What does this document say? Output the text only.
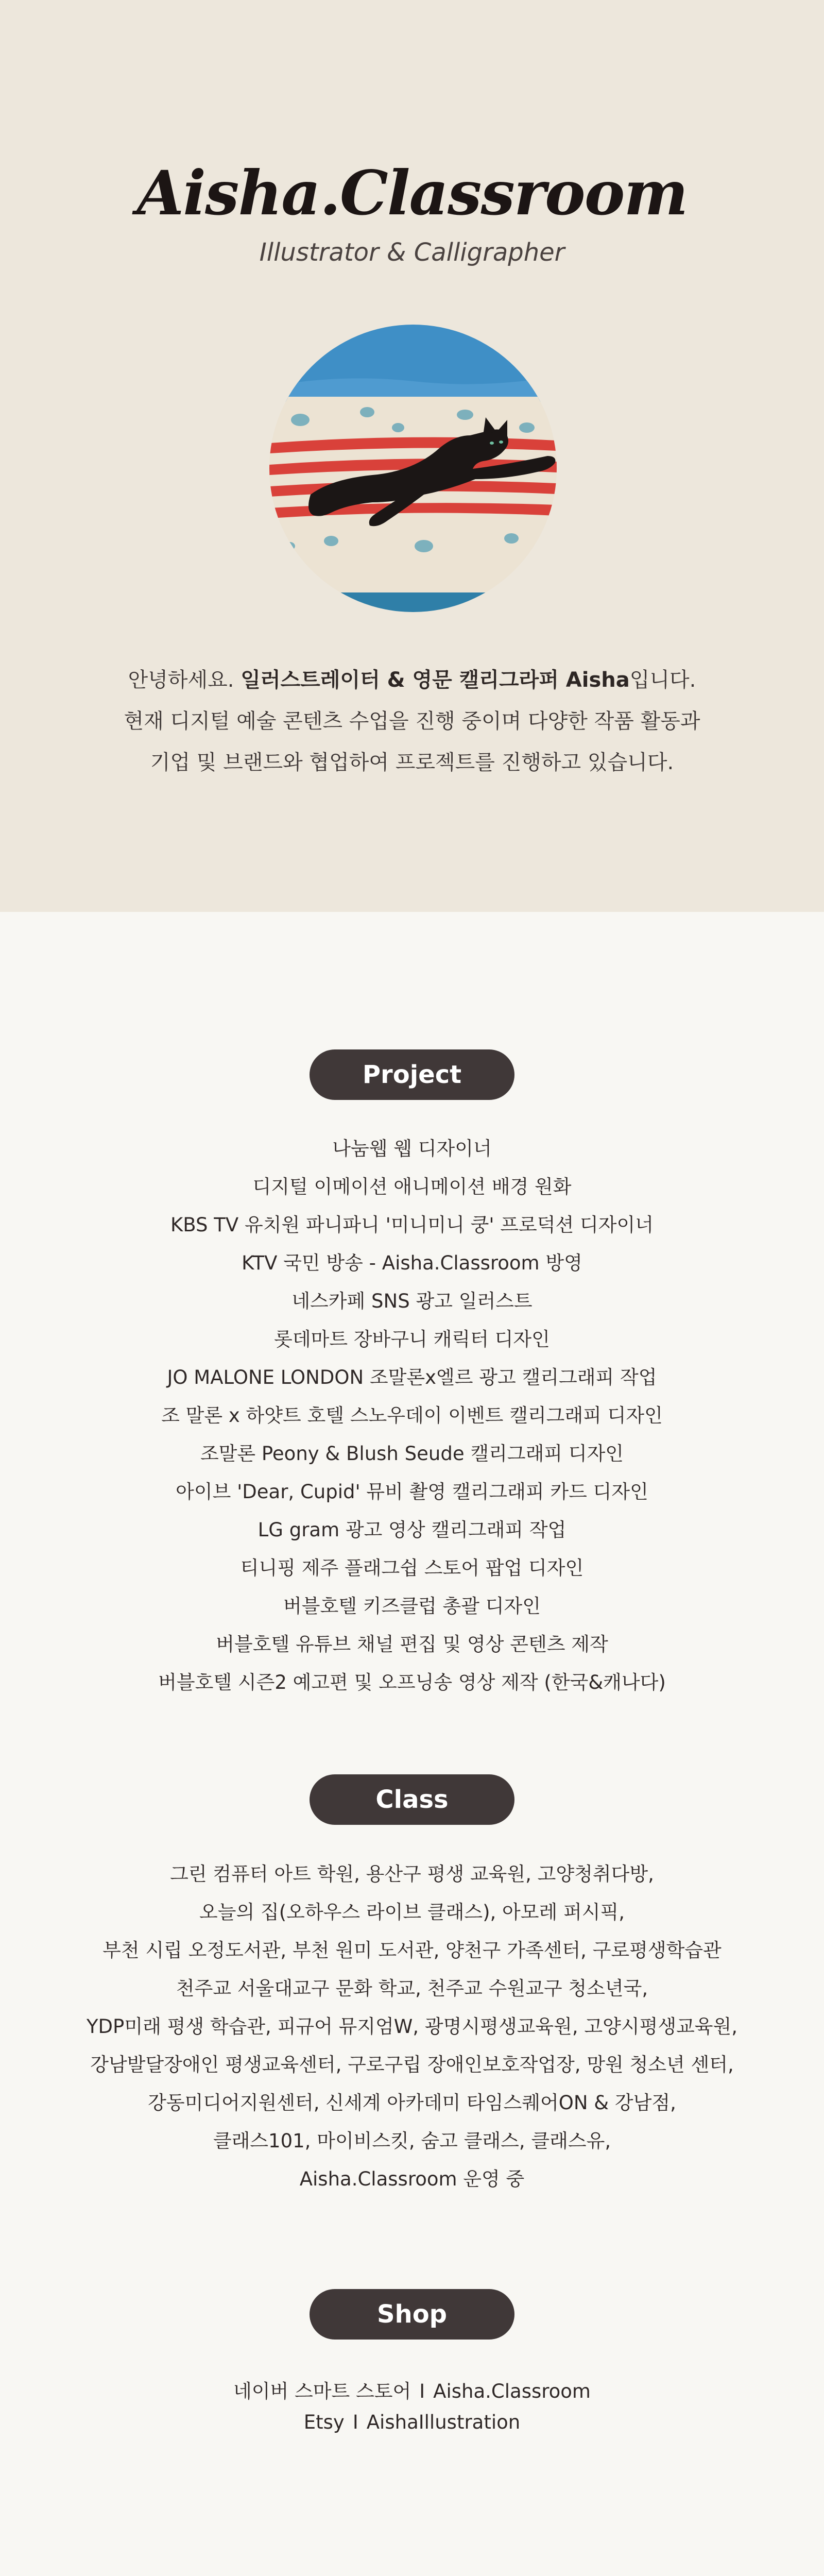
Aisha.Classroom
Illustrator & Calligrapher
안녕하세요. 일러스트레이터 & 영문 캘리그라퍼 Aisha입니다.
현재 디지털 예술 콘텐츠 수업을 진행 중이며 다양한 작품 활동과
기업 및 브랜드와 협업하여 프로젝트를 진행하고 있습니다.
Project
나눔웹 웹 디자이너
디지털 이메이션 애니메이션 배경 원화
KBS TV 유치원 파니파니 '미니미니 쿵' 프로덕션 디자이너
KTV 국민 방송 - Aisha.Classroom 방영
네스카페 SNS 광고 일러스트
롯데마트 장바구니 캐릭터 디자인
JO MALONE LONDON 조말론x엘르 광고 캘리그래피 작업
조 말론 x 하얏트 호텔 스노우데이 이벤트 캘리그래피 디자인
조말론 Peony & Blush Seude 캘리그래피 디자인
아이브 'Dear, Cupid' 뮤비 촬영 캘리그래피 카드 디자인
LG gram 광고 영상 캘리그래피 작업
티니핑 제주 플래그쉽 스토어 팝업 디자인
버블호텔 키즈클럽 총괄 디자인
버블호텔 유튜브 채널 편집 및 영상 콘텐츠 제작
버블호텔 시즌2 예고편 및 오프닝송 영상 제작 (한국&캐나다)
Class
그린 컴퓨터 아트 학원, 용산구 평생 교육원, 고양청취다방,
오늘의 집(오하우스 라이브 클래스), 아모레 퍼시픽,
부천 시립 오정도서관, 부천 원미 도서관, 양천구 가족센터, 구로평생학습관
천주교 서울대교구 문화 학교, 천주교 수원교구 청소년국,
YDP미래 평생 학습관, 피규어 뮤지엄W, 광명시평생교육원, 고양시평생교육원,
강남발달장애인 평생교육센터, 구로구립 장애인보호작업장, 망원 청소년 센터,
강동미디어지원센터, 신세계 아카데미 타임스퀘어ON & 강남점,
클래스101, 마이비스킷, 숨고 클래스, 클래스유,
Aisha.Classroom 운영 중
Shop
네이버 스마트 스토어 I Aisha.Classroom
Etsy I AishaIllustration
